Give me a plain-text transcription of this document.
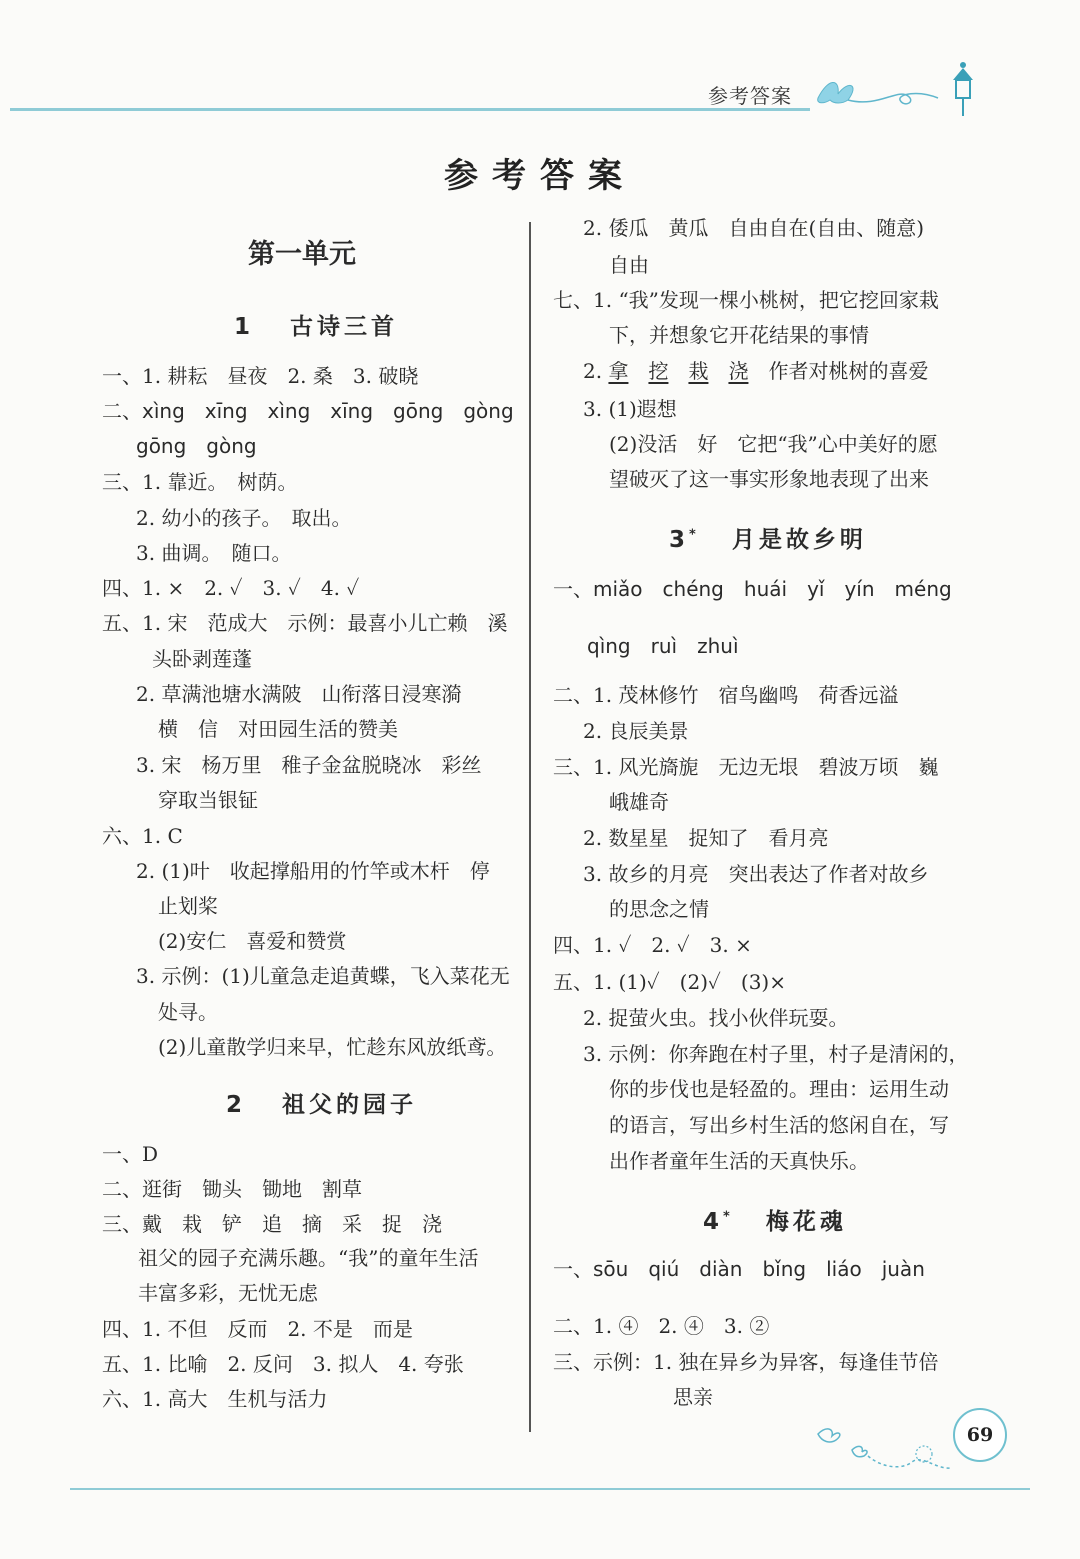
参考答案
参考答案
第一单元
1 古诗三首
一、1. 耕耘　昼夜　2. 桑　3. 破晓
二、xìng　xīng　xìng　xīng　gōng　gòng
gōng　gòng
三、1. 靠近。　树荫。
2. 幼小的孩子。　取出。
3. 曲调。　随口。
四、1. ×　2. ✓　3. ✓　4. ✓
五、1. 宋　范成大　示例：最喜小儿亡赖　溪
头卧剥莲蓬
2. 草满池塘水满陂　山衔落日浸寒漪
横　信　对田园生活的赞美
3. 宋　杨万里　稚子金盆脱晓冰　彩丝
穿取当银钲
六、1. C
2. (1)叶　收起撑船用的竹竿或木杆　停
止划桨
(2)安仁　喜爱和赞赏
3. 示例：(1)儿童急走追黄蝶，飞入菜花无
处寻。
(2)儿童散学归来早，忙趁东风放纸鸢。
2 祖父的园子
一、D
二、逛街　锄头　锄地　割草
三、戴　栽　铲　追　摘　采　捉　浇
祖父的园子充满乐趣。“我”的童年生活
丰富多彩，无忧无虑
四、1. 不但　反而　2. 不是　而是
五、1. 比喻　2. 反问　3. 拟人　4. 夸张
六、1. 高大　生机与活力
2. 倭瓜　黄瓜　自由自在(自由、随意)
自由
七、1. “我”发现一棵小桃树，把它挖回家栽
下，并想象它开花结果的事情
2. 拿　 挖　 栽　 浇　作者对桃树的喜爱
3. (1)遐想
(2)没活　好　它把“我”心中美好的愿
望破灭了这一事实形象地表现了出来
3* 月是故乡明
一、miǎo chéng huái yǐ yín méng
qìng ruì zhuì
二、1. 茂林修竹　宿鸟幽鸣　荷香远溢
2. 良辰美景
三、1. 风光旖旎　无边无垠　碧波万顷　巍
峨雄奇
2. 数星星　捉知了　看月亮
3. 故乡的月亮　突出表达了作者对故乡
的思念之情
四、1. ✓　2. ✓　3. ×
五、1. (1)✓　(2)✓　(3)×
2. 捉萤火虫。找小伙伴玩耍。
3. 示例：你奔跑在村子里，村子是清闲的，
你的步伐也是轻盈的。理由：运用生动
的语言，写出乡村生活的悠闲自在，写
出作者童年生活的天真快乐。
4* 梅花魂
一、sōu qiú diàn bǐng liáo juàn
二、1. ④　2. ④　3. ②
三、示例：1. 独在异乡为异客，每逢佳节倍
思亲
69
